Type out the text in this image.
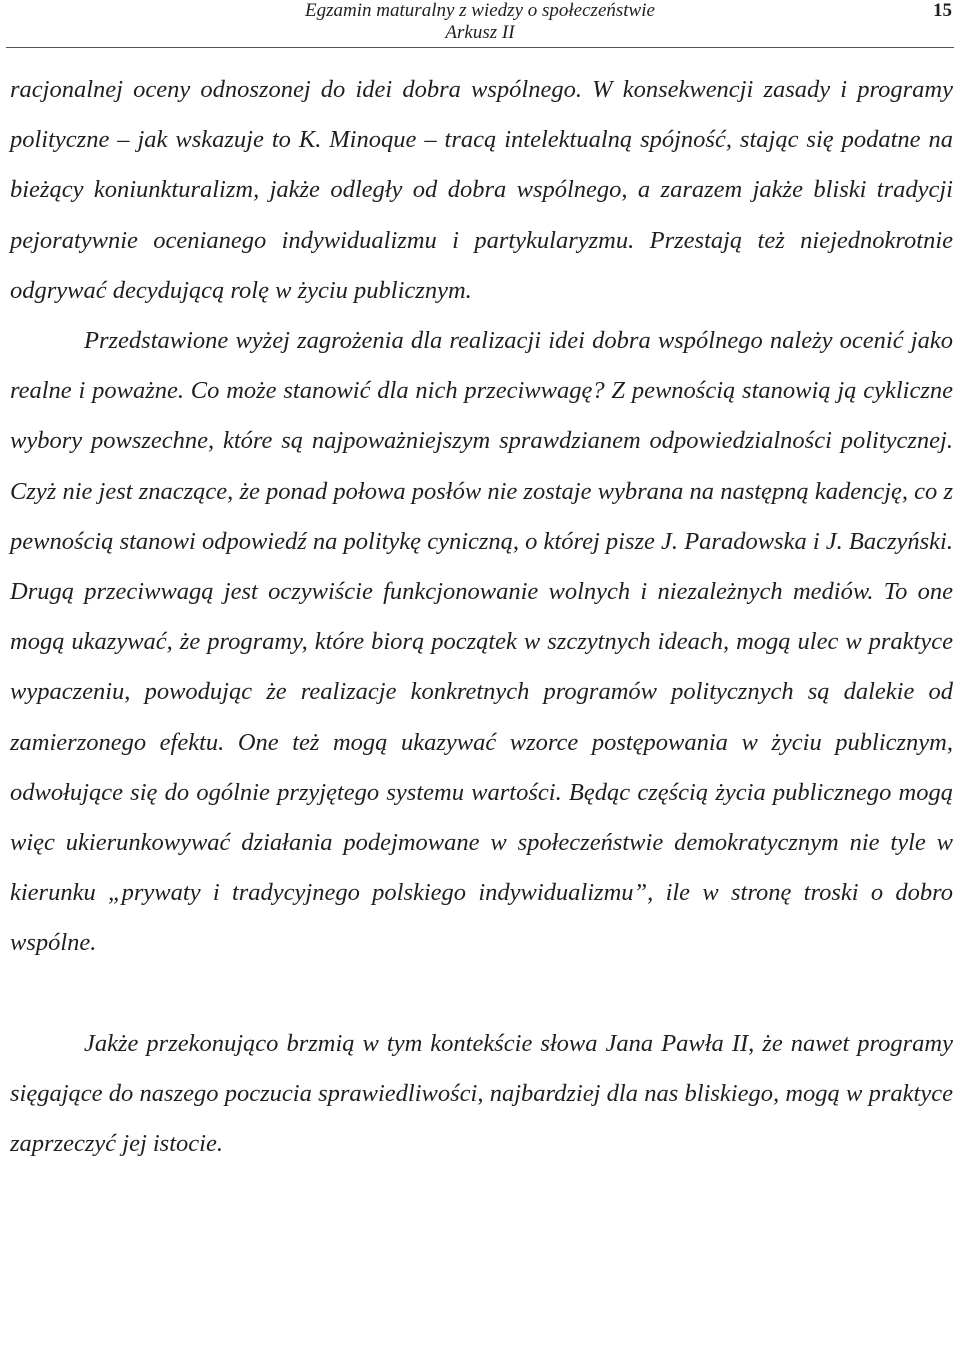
Egzamin maturalny z wiedzy o społeczeństwie
Arkusz II
15

racjonalnej oceny odnoszonej do idei dobra wspólnego. W konsekwencji zasady i programy polityczne – jak wskazuje to K. Minoque – tracą intelektualną spójność, stając się podatne na bieżący koniunkturalizm, jakże odległy od dobra wspólnego, a zarazem jakże bliski tradycji pejoratywnie ocenianego indywidualizmu i partykularyzmu. Przestają też niejednokrotnie odgrywać decydującą rolę w życiu publicznym.

Przedstawione wyżej zagrożenia dla realizacji idei dobra wspólnego należy ocenić jako realne i poważne. Co może stanowić dla nich przeciwwagę? Z pewnością stanowią ją cykliczne wybory powszechne, które są najpoważniejszym sprawdzianem odpowiedzialności politycznej. Czyż nie jest znaczące, że ponad połowa posłów nie zostaje wybrana na następną kadencję, co z pewnością stanowi odpowiedź na politykę cyniczną, o której pisze J. Paradowska i J. Baczyński. Drugą przeciwwagą jest oczywiście funkcjonowanie wolnych i niezależnych mediów. To one mogą ukazywać, że programy, które biorą początek w szczytnych ideach, mogą ulec w praktyce wypaczeniu, powodując że realizacje konkretnych programów politycznych są dalekie od zamierzonego efektu. One też mogą ukazywać wzorce postępowania w życiu publicznym, odwołujące się do ogólnie przyjętego systemu wartości. Będąc częścią życia publicznego mogą więc ukierunkowywać działania podejmowane w społeczeństwie demokratycznym nie tyle w kierunku „prywaty i tradycyjnego polskiego indywidualizmu”, ile w stronę troski o dobro wspólne.

Jakże przekonująco brzmią w tym kontekście słowa Jana Pawła II, że nawet programy sięgające do naszego poczucia sprawiedliwości, najbardziej dla nas bliskiego, mogą w praktyce zaprzeczyć jej istocie.
